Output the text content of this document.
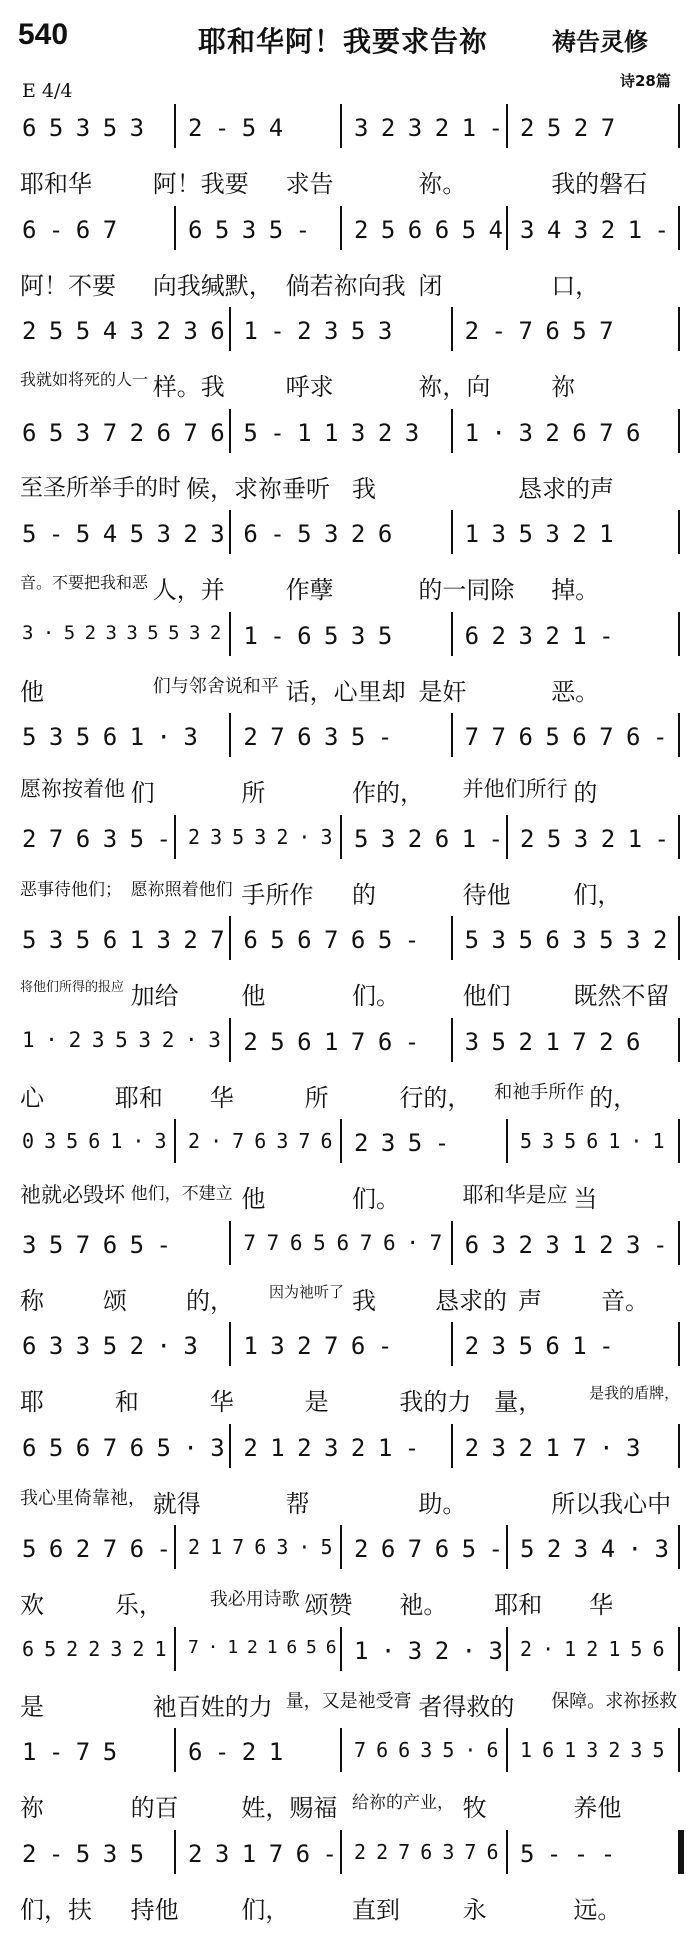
540	耶和华阿！我要求告祢	祷告灵修
E 4/4	诗28篇
6 5 3 5 3 2 - 5 4	3 2 3 2 1 - 2 5 2 7
耶和华	阿！我要 求告	祢。	我的磐石
6 - 6 7	6 5 3 5 - 2 5 6 6 5 4 3 4 3 2 1 -
阿！不要 向我缄默， 倘若祢向我 闭	口，
2 5 5 4 3 2 3 6 1 - 2 3 5 3	2 - 7 6 5 7
我就如将死的人一 样。我	呼求	祢，向	祢
6 5 3 7 2 6 7 6 5 - 1 1 3 2 3 1 · 3 2 6 7 6
至圣所举手的时 候，求祢垂听 我	恳求的声
5 - 5 4 5 3 2 3 6 - 5 3 2 6	1 3 5 3 2 1
音。不要把我和恶 人，并	作孽	的一同除 掉。
3 · 5 2 3 3 5 5 3 2 1 - 6 5 3 5	6 2 3 2 1 -
他	们与邻舍说和平 话，心里却 是奸	恶。
5 3 5 6 1 · 3 2 7 6 3 5 -	7 7 6 5 6 7 6 -
愿祢按着他 们	所	作的， 并他们所行 的
2 7 6 3 5 - 2 3 5 3 2 · 3 5 3 2 6 1 - 2 5 3 2 1 -
恶事待他们； 愿祢照着他们 手所作 的	待他	们，
5 3 5 6 1 3 2 7 6 5 6 7 6 5 - 5 3 5 6 3 5 3 2
将他们所得的报应 加给	他	们。	他们	既然不留
1 · 2 3 5 3 2 · 3 2 5 6 1 7 6 - 3 5 2 1 7 2 6
心	耶和 华	所	行的， 和祂手所作 的，
0 3 5 6 1 · 3 2 · 7 6 3 7 6 2 3 5 -	5 3 5 6 1 · 1
祂就必毁坏 他们，不建立 他	们。	耶和华是应 当
3 5 7 6 5 -	7 7 6 5 6 7 6 · 7 6 3 2 3 1 2 3 -
称 颂 的， 因为祂听了 我 恳求的 声 音。
6 3 3 5 2 · 3 1 3 2 7 6 -	2 3 5 6 1 -
耶	和	华	是	我的力 量，	是我的盾牌，
6 5 6 7 6 5 · 3 2 1 2 3 2 1 - 2 3 2 1 7 · 3
我心里倚靠祂， 就得	帮	助。	所以我心中
5 6 2 7 6 - 2 1 7 6 3 · 5 2 6 7 6 5 - 5 2 3 4 · 3
欢	乐，	我必用诗歌 颂赞 祂。 耶和 华
6 5 2 2 3 2 1 7 · 1 2 1 6 5 6 1 · 3 2 · 3 2 · 1 2 1 5 6
是	祂百姓的力 量，又是祂受膏 者得救的 保障。求祢拯救
1 - 7 5	6 - 2 1	7 6 6 3 5 · 6 1 6 1 3 2 3 5
祢	的百	姓，赐福 给祢的产业， 牧	养他
2 - 5 3 5 2 3 1 7 6 - 2 2 7 6 3 7 6 5 - - -
们，扶 持他	们，	直到	永	远。
